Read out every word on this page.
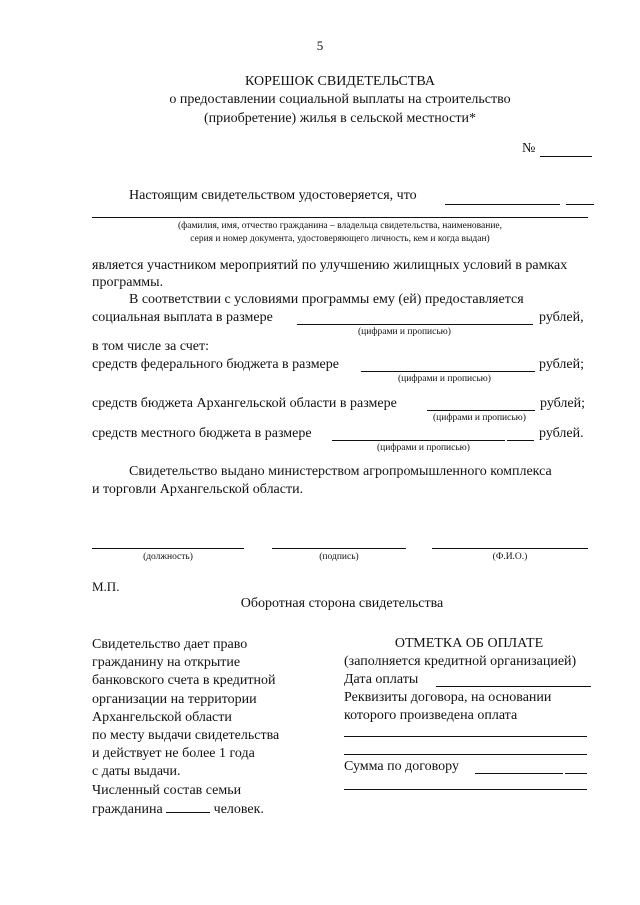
5
КОРЕШОК СВИДЕТЕЛЬСТВА
о предоставлении социальной выплаты на строительство
(приобретение) жилья в сельской местности*
№
Настоящим свидетельством удостоверяется, что
(фамилия, имя, отчество гражданина – владельца свидетельства, наименование,
серия и номер документа, удостоверяющего личность, кем и когда выдан)
является участником мероприятий по улучшению жилищных условий в рамках
программы.
В соответствии с условиями программы ему (ей) предоставляется
социальная выплата в размере	рублей,
(цифрами и прописью)
в том числе за счет:
средств федерального бюджета в размере	рублей;
(цифрами и прописью)
средств бюджета Архангельской области в размере	рублей;
(цифрами и прописью)
средств местного бюджета в размере	рублей.
(цифрами и прописью)
Свидетельство выдано министерством агропромышленного комплекса
и торговли Архангельской области.
(должность)	(подпись)	(Ф.И.О.)
М.П.
Оборотная сторона свидетельства
Свидетельство дает право
гражданину на открытие
банковского счета в кредитной
организации на территории
Архангельской области
по месту выдачи свидетельства
и действует не более 1 года
с даты выдачи.
Численный состав семьи
гражданина	человек.
ОТМЕТКА ОБ ОПЛАТЕ
(заполняется кредитной организацией)
Дата оплаты
Реквизиты договора, на основании
которого произведена оплата
Сумма по договору
